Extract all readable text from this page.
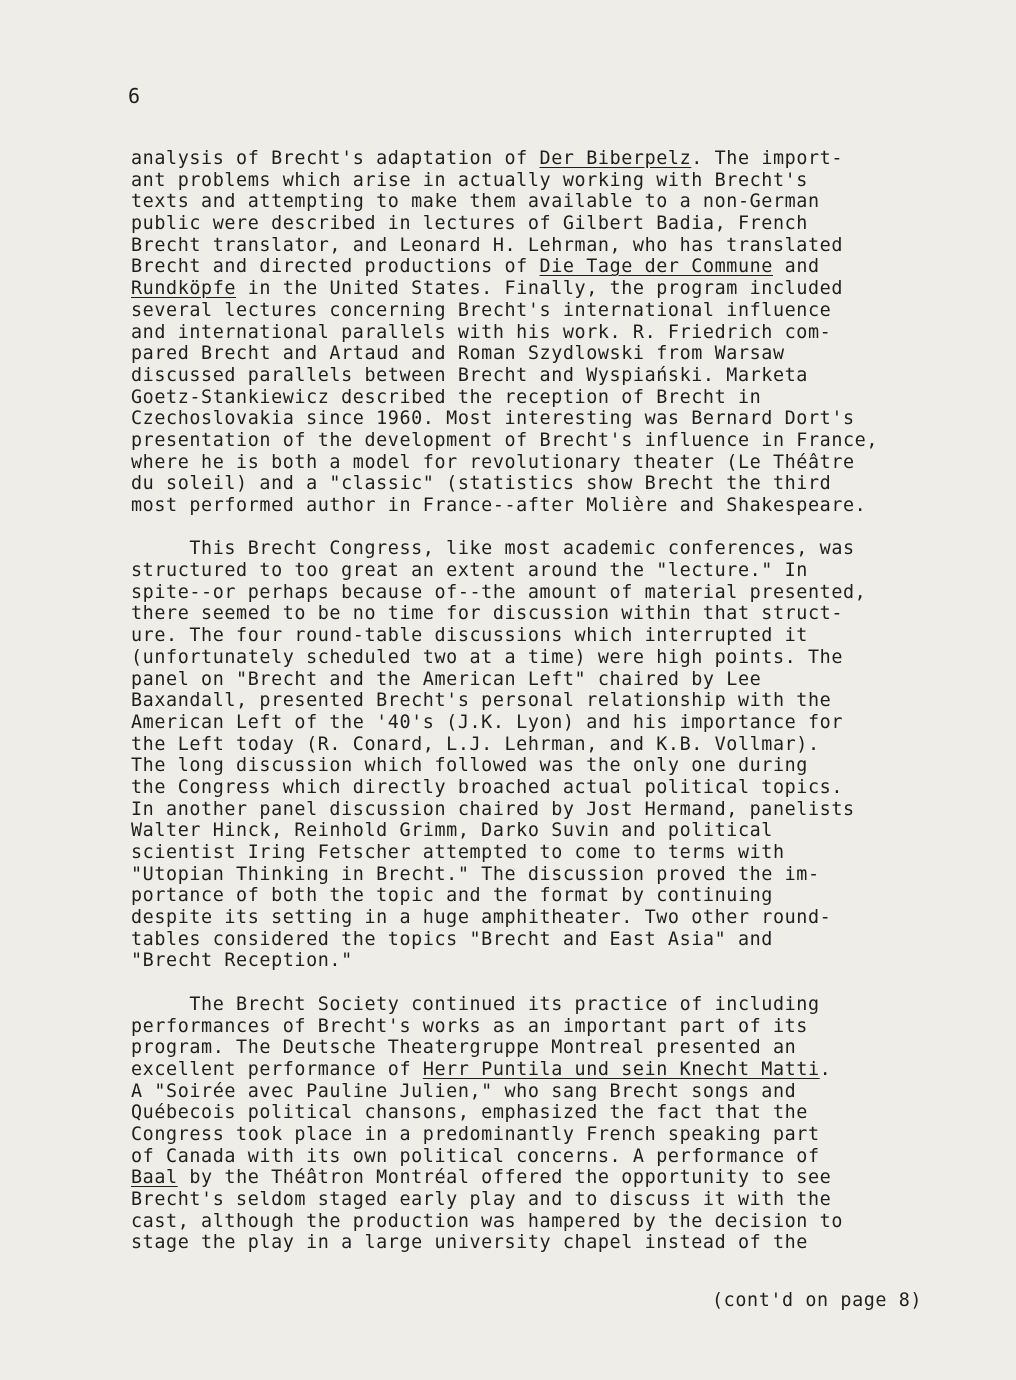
6
analysis of Brecht's adaptation of Der Biberpelz. The import-
ant problems which arise in actually working with Brecht's
texts and attempting to make them available to a non-German
public were described in lectures of Gilbert Badia, French
Brecht translator, and Leonard H. Lehrman, who has translated
Brecht and directed productions of Die Tage der Commune and
Rundköpfe in the United States. Finally, the program included
several lectures concerning Brecht's international influence
and international parallels with his work. R. Friedrich com-
pared Brecht and Artaud and Roman Szydlowski from Warsaw
discussed parallels between Brecht and Wyspiański. Marketa
Goetz-Stankiewicz described the reception of Brecht in
Czechoslovakia since 1960. Most interesting was Bernard Dort's
presentation of the development of Brecht's influence in France,
where he is both a model for revolutionary theater (Le Théâtre
du soleil) and a "classic" (statistics show Brecht the third
most performed author in France--after Molière and Shakespeare.
This Brecht Congress, like most academic conferences, was
structured to too great an extent around the "lecture." In
spite--or perhaps because of--the amount of material presented,
there seemed to be no time for discussion within that struct-
ure. The four round-table discussions which interrupted it
(unfortunately scheduled two at a time) were high points. The
panel on "Brecht and the American Left" chaired by Lee
Baxandall, presented Brecht's personal relationship with the
American Left of the '40's (J.K. Lyon) and his importance for
the Left today (R. Conard, L.J. Lehrman, and K.B. Vollmar).
The long discussion which followed was the only one during
the Congress which directly broached actual political topics.
In another panel discussion chaired by Jost Hermand, panelists
Walter Hinck, Reinhold Grimm, Darko Suvin and political
scientist Iring Fetscher attempted to come to terms with
"Utopian Thinking in Brecht." The discussion proved the im-
portance of both the topic and the format by continuing
despite its setting in a huge amphitheater. Two other round-
tables considered the topics "Brecht and East Asia" and
"Brecht Reception."
The Brecht Society continued its practice of including
performances of Brecht's works as an important part of its
program. The Deutsche Theatergruppe Montreal presented an
excellent performance of Herr Puntila und sein Knecht Matti.
A "Soirée avec Pauline Julien," who sang Brecht songs and
Québecois political chansons, emphasized the fact that the
Congress took place in a predominantly French speaking part
of Canada with its own political concerns. A performance of
Baal by the Théâtron Montréal offered the opportunity to see
Brecht's seldom staged early play and to discuss it with the
cast, although the production was hampered by the decision to
stage the play in a large university chapel instead of the
(cont'd on page 8)
